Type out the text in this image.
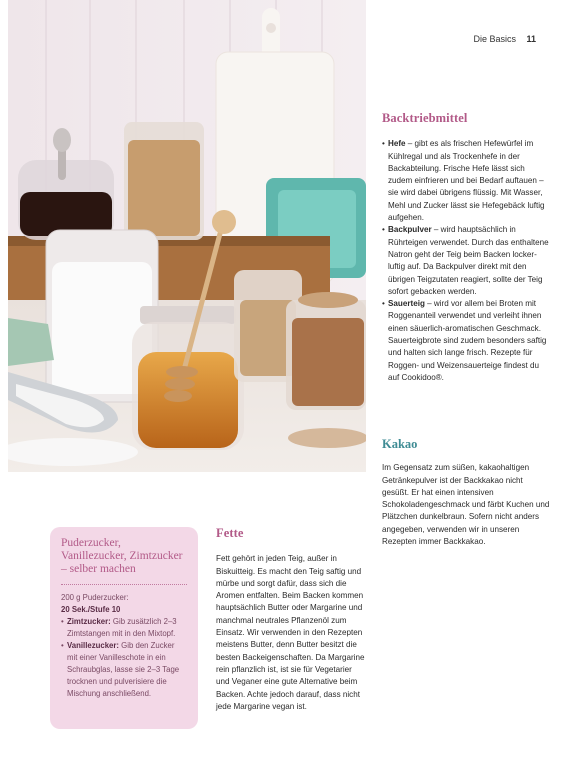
Die Basics 11
Backtriebmittel
• Hefe – gibt es als frischen Hefewürfel im Kühlregal und als Trockenhefe in der Backabteilung. Frische Hefe lässt sich zudem einfrieren und bei Bedarf auftauen – sie wird dabei übrigens flüssig. Mit Wasser, Mehl und Zucker lässt sie Hefegebäck luftig aufgehen.
• Backpulver – wird hauptsächlich in Rührteigen verwendet. Durch das enthaltene Natron geht der Teig beim Backen locker-luftig auf. Da Backpulver direkt mit den übrigen Teigzutaten reagiert, sollte der Teig sofort gebacken werden.
• Sauerteig – wird vor allem bei Broten mit Roggenanteil verwendet und verleiht ihnen einen säuerlich-aromatischen Geschmack. Sauerteigbrote sind zudem besonders saftig und halten sich lange frisch. Rezepte für Roggen- und Weizensauerteige findest du auf Cookidoo®.
Kakao

Im Gegensatz zum süßen, kakaohaltigen Getränkepulver ist der Backkakao nicht gesüßt. Er hat einen intensiven Schokoladengeschmack und färbt Kuchen und Plätzchen dunkelbraun. Sofern nicht anders angegeben, verwenden wir in unseren Rezepten immer Backkakao.

Fette

Fett gehört in jeden Teig, außer in Biskuitteig. Es macht den Teig saftig und mürbe und sorgt dafür, dass sich die Aromen entfalten. Beim Backen kommen hauptsächlich Butter oder Margarine und manchmal neutrales Pflanzenöl zum Einsatz. Wir verwenden in den Rezepten meistens Butter, denn Butter besitzt die besten Backeigenschaften. Da Margarine rein pflanzlich ist, ist sie für Vegetarier und Veganer eine gute Alternative beim Backen. Achte jedoch darauf, dass nicht jede Margarine vegan ist.

Puderzucker, Vanillezucker, Zimtzucker – selber machen

200 g Puderzucker:
20 Sek./Stufe 10
• Zimtzucker: Gib zusätzlich 2–3 Zimtstangen mit in den Mixtopf.
• Vanillezucker: Gib den Zucker mit einer Vanilleschote in ein Schraubglas, lasse sie 2–3 Tage trocknen und pulverisiere die Mischung anschließend.
